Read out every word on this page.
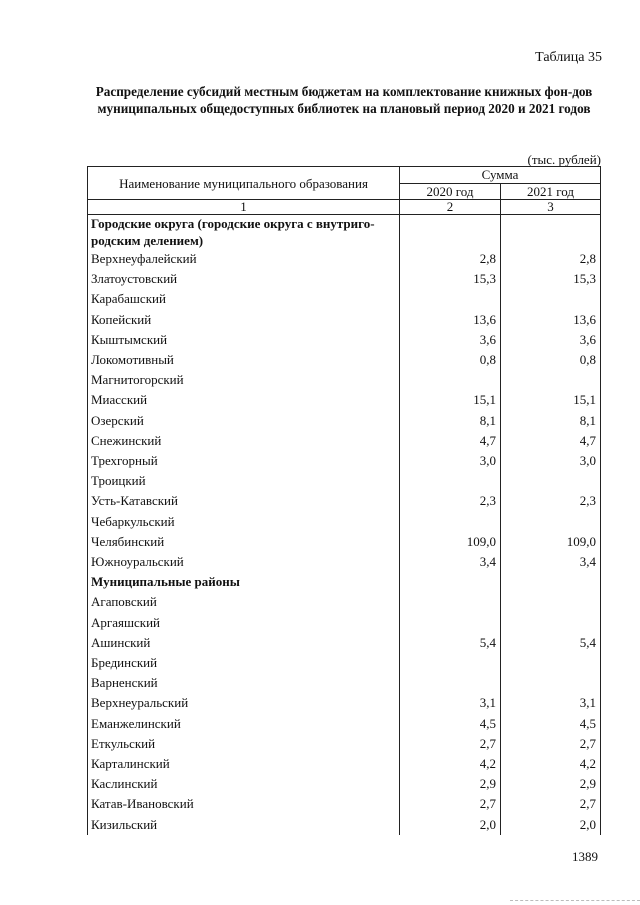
Таблица 35
Распределение субсидий местным бюджетам на комплектование книжных фон-дов муниципальных общедоступных библиотек на плановый период 2020 и 2021 годов
(тыс. рублей)
Наименование муниципального образования	Сумма	
	2020 год	2021 год
1	2	3
Городские округа (городские округа с внутриго-родским делением)		
Верхнеуфалейский	2,8	2,8
Златоустовский	15,3	15,3
Карабашский		
Копейский	13,6	13,6
Кыштымский	3,6	3,6
Локомотивный	0,8	0,8
Магнитогорский		
Миасский	15,1	15,1
Озерский	8,1	8,1
Снежинский	4,7	4,7
Трехгорный	3,0	3,0
Троицкий		
Усть-Катавский	2,3	2,3
Чебаркульский		
Челябинский	109,0	109,0
Южноуральский	3,4	3,4
Муниципальные районы		
Агаповский		
Аргаяшский		
Ашинский	5,4	5,4
Брединский		
Варненский		
Верхнеуральский	3,1	3,1
Еманжелинский	4,5	4,5
Еткульский	2,7	2,7
Карталинский	4,2	4,2
Каслинский	2,9	2,9
Катав-Ивановский	2,7	2,7
Кизильский	2,0	2,0
1389
